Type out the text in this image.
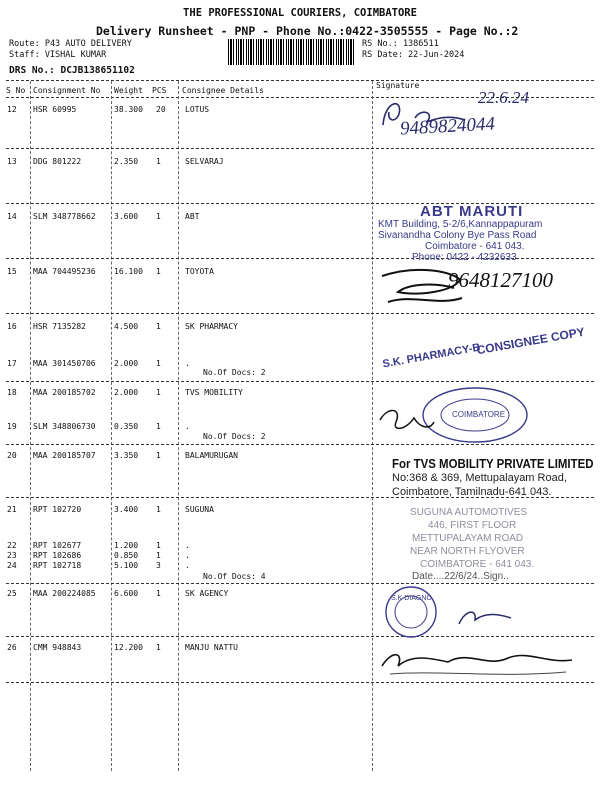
THE PROFESSIONAL COURIERS, COIMBATORE
Delivery Runsheet - PNP - Phone No.:0422-3505555 - Page No.:2
Route: P43 AUTO DELIVERY
Staff: VISHAL KUMAR
RS No.: 1386511
RS Date: 22-Jun-2024
DRS No.: DCJB138651102
S No Consignment No Weight PCS Consignee Details
Signature
12 HSR 60995	38.300 20 LOTUS
13 DDG 801222	2.350 1	SELVARAJ
14 SLM 348778662 3.600 1	ABT
15 MAA 704495236 16.100 1	TOYOTA
16 HSR 7135282	4.500 1	SK PHARMACY
17 MAA 301450706 2.000 1	.
No.Of Docs: 2
18 MAA 200185702 2.000 1	TVS MOBILITY
19 SLM 348806730 0.350 1	.
No.Of Docs: 2
20 MAA 200185707 3.350 1	BALAMURUGAN
21 RPT 102720	3.400 1	SUGUNA
22 RPT 102677	1.200 1	.
23 RPT 102686	0.850 1	.
24 RPT 102718	5.100 3	.
No.Of Docs: 4
25 MAA 200224085 6.600 1	SK AGENCY
26 CMM 948843	12.200 1	MANJU NATTU
22.6.24
9489824044
ABT MARUTI
KMT Building, 5-2/6,Kannappapuram
Sivanandha Colony Bye Pass Road
Coimbatore - 641 043.
Phone: 0422 - 4232633
9648127100
S.K. PHARMACY-B
CONSIGNEE COPY
COIMBATORE
For TVS MOBILITY PRIVATE LIMITED
No:368 & 369, Mettupalayam Road,
Coimbatore, Tamilnadu-641 043.
SUGUNA AUTOMOTIVES
446, FIRST FLOOR
METTUPALAYAM ROAD
NEAR NORTH FLYOVER
COIMBATORE - 641 043.
Date....22/6/24..Sign..
S.K DIAGNO
